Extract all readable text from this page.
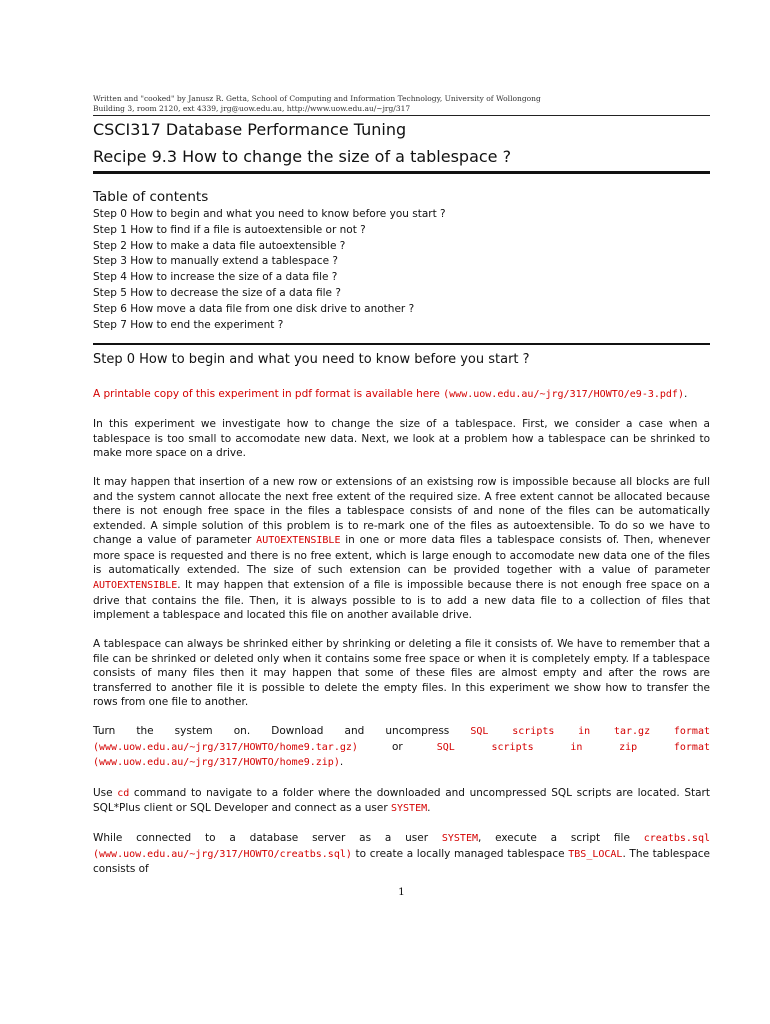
Written and "cooked" by Janusz R. Getta, School of Computing and Information Technology, University of Wollongong
Building 3, room 2120, ext 4339, jrg@uow.edu.au, http://www.uow.edu.au/~jrg/317
CSCI317 Database Performance Tuning
Recipe 9.3 How to change the size of a tablespace ?
Table of contents
Step 0 How to begin and what you need to know before you start ?
Step 1 How to find if a file is autoextensible or not ?
Step 2 How to make a data file autoextensible ?
Step 3 How to manually extend a tablespace ?
Step 4 How to increase the size of a data file ?
Step 5 How to decrease the size of a data file ?
Step 6 How move a data file from one disk drive to another ?
Step 7 How to end the experiment ?
Step 0 How to begin and what you need to know before you start ?

A printable copy of this experiment in pdf format is available here (www.uow.edu.au/~jrg/317/HOWTO/e9-3.pdf).

In this experiment we investigate how to change the size of a tablespace. First, we consider a case when a tablespace is too small to accomodate new data. Next, we look at a problem how a tablespace can be shrinked to make more space on a drive.

It may happen that insertion of a new row or extensions of an existsing row is impossible because all blocks are full and the system cannot allocate the next free extent of the required size. A free extent cannot be allocated because there is not enough free space in the files a tablespace consists of and none of the files can be automatically extended. A simple solution of this problem is to re-mark one of the files as autoextensible. To do so we have to change a value of parameter AUTOEXTENSIBLE in one or more data files a tablespace consists of. Then, whenever more space is requested and there is no free extent, which is large enough to accomodate new data one of the files is automatically extended. The size of such extension can be provided together with a value of parameter AUTOEXTENSIBLE. It may happen that extension of a file is impossible because there is not enough free space on a drive that contains the file. Then, it is always possible to is to add a new data file to a collection of files that implement a tablespace and located this file on another available drive.

A tablespace can always be shrinked either by shrinking or deleting a file it consists of. We have to remember that a file can be shrinked or deleted only when it contains some free space or when it is completely empty. If a tablespace consists of many files then it may happen that some of these files are almost empty and after the rows are transferred to another file it is possible to delete the empty files. In this experiment we show how to transfer the rows from one file to another.

Turn the system on. Download and uncompress SQL scripts in tar.gz format (www.uow.edu.au/~jrg/317/HOWTO/home9.tar.gz)	or	SQL scripts in zip format (www.uow.edu.au/~jrg/317/HOWTO/home9.zip).

Use cd command to navigate to a folder where the downloaded and uncompressed SQL scripts are located. Start SQL*Plus client or SQL Developer and connect as a user SYSTEM.

While connected to a database server as a user SYSTEM, execute a script file creatbs.sql (www.uow.edu.au/~jrg/317/HOWTO/creatbs.sql) to create a locally managed tablespace TBS_LOCAL. The tablespace consists of

1
